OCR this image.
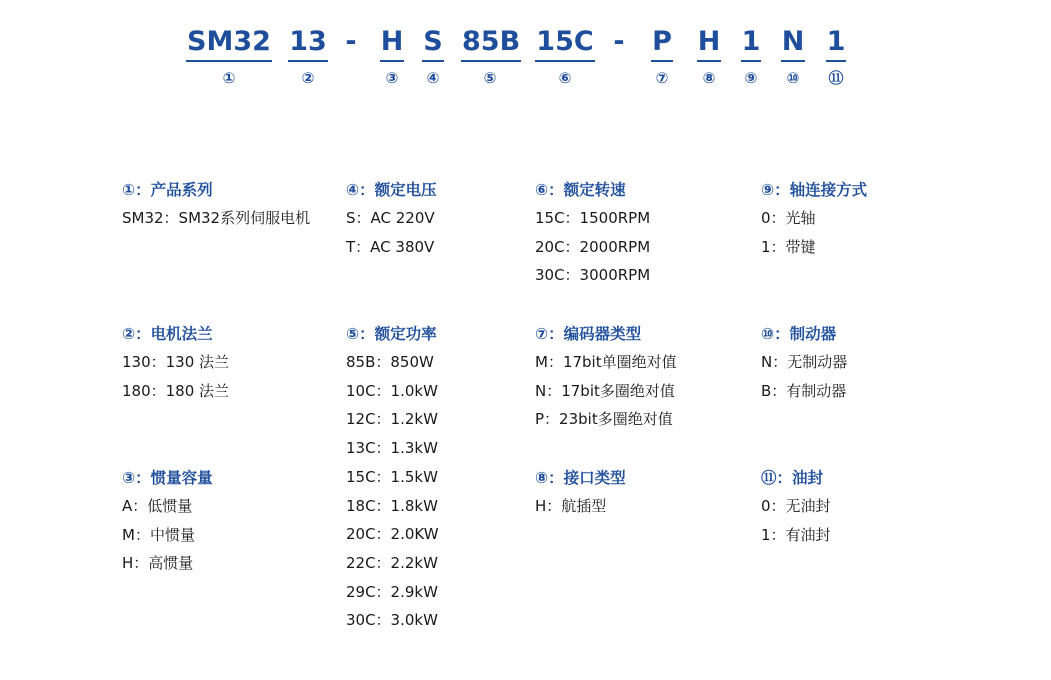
SM32
①
13
②
- H
③
S
④
85B
⑤
15C
⑥
- P
⑦
H
⑧
1
⑨
N
⑩
1
⑪
①：产品系列
SM32：SM32系列伺服电机
②：电机法兰
130：130 法兰
180：180 法兰
③：惯量容量
A：低惯量
M：中惯量
H：高惯量
④：额定电压
S：AC 220V
T：AC 380V
⑤：额定功率
85B：850W
10C：1.0kW
12C：1.2kW
13C：1.3kW
15C：1.5kW
18C：1.8kW
20C：2.0KW
22C：2.2kW
29C：2.9kW
30C：3.0kW
⑥：额定转速
15C：1500RPM
20C：2000RPM
30C：3000RPM
⑦：编码器类型
M：17bit单圈绝对值
N：17bit多圈绝对值
P：23bit多圈绝对值
⑧：接口类型
H：航插型
⑨：轴连接方式
0：光轴
1：带键
⑩：制动器
N：无制动器
B：有制动器
⑪：油封
0：无油封
1：有油封
